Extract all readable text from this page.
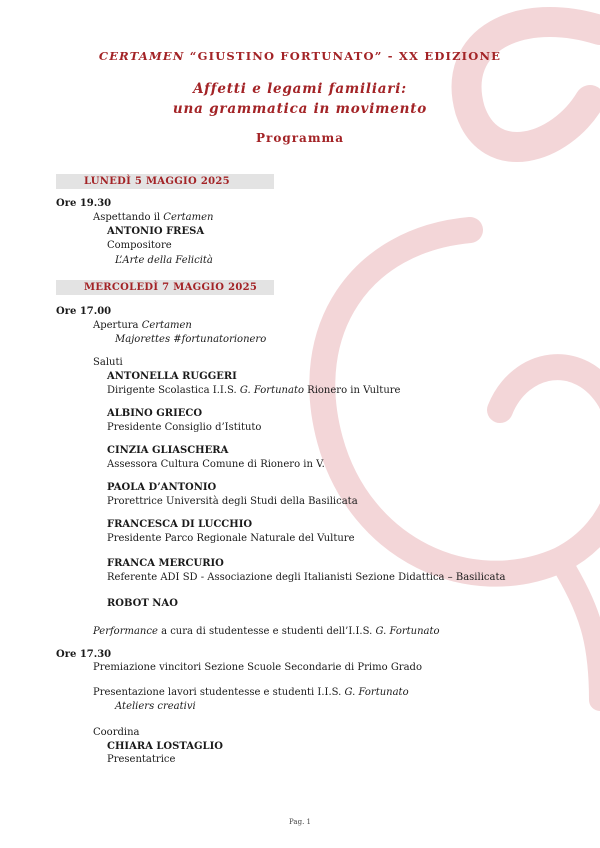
CERTAMEN “GIUSTINO FORTUNATO” - XX EDIZIONE
Affetti e legami familiari:
una grammatica in movimento
Programma
LUNEDÌ 5 MAGGIO 2025
Ore 19.30
Aspettando il Certamen
ANTONIO FRESA
Compositore
L’Arte della Felicità
MERCOLEDÌ 7 MAGGIO 2025
Ore 17.00
Apertura Certamen
Majorettes #fortunatorionero
Saluti
ANTONELLA RUGGERI
Dirigente Scolastica I.I.S. G. Fortunato Rionero in Vulture
ALBINO GRIECO
Presidente Consiglio d’Istituto
CINZIA GLIASCHERA
Assessora Cultura Comune di Rionero in V.
PAOLA D’ANTONIO
Prorettrice Università degli Studi della Basilicata
FRANCESCA DI LUCCHIO
Presidente Parco Regionale Naturale del Vulture
FRANCA MERCURIO
Referente ADI SD - Associazione degli Italianisti Sezione Didattica – Basilicata
ROBOT NAO
Performance a cura di studentesse e studenti dell’I.I.S. G. Fortunato
Ore 17.30
Premiazione vincitori Sezione Scuole Secondarie di Primo Grado
Presentazione lavori studentesse e studenti I.I.S. G. Fortunato
Ateliers creativi
Coordina
CHIARA LOSTAGLIO
Presentatrice
Pag. 1
